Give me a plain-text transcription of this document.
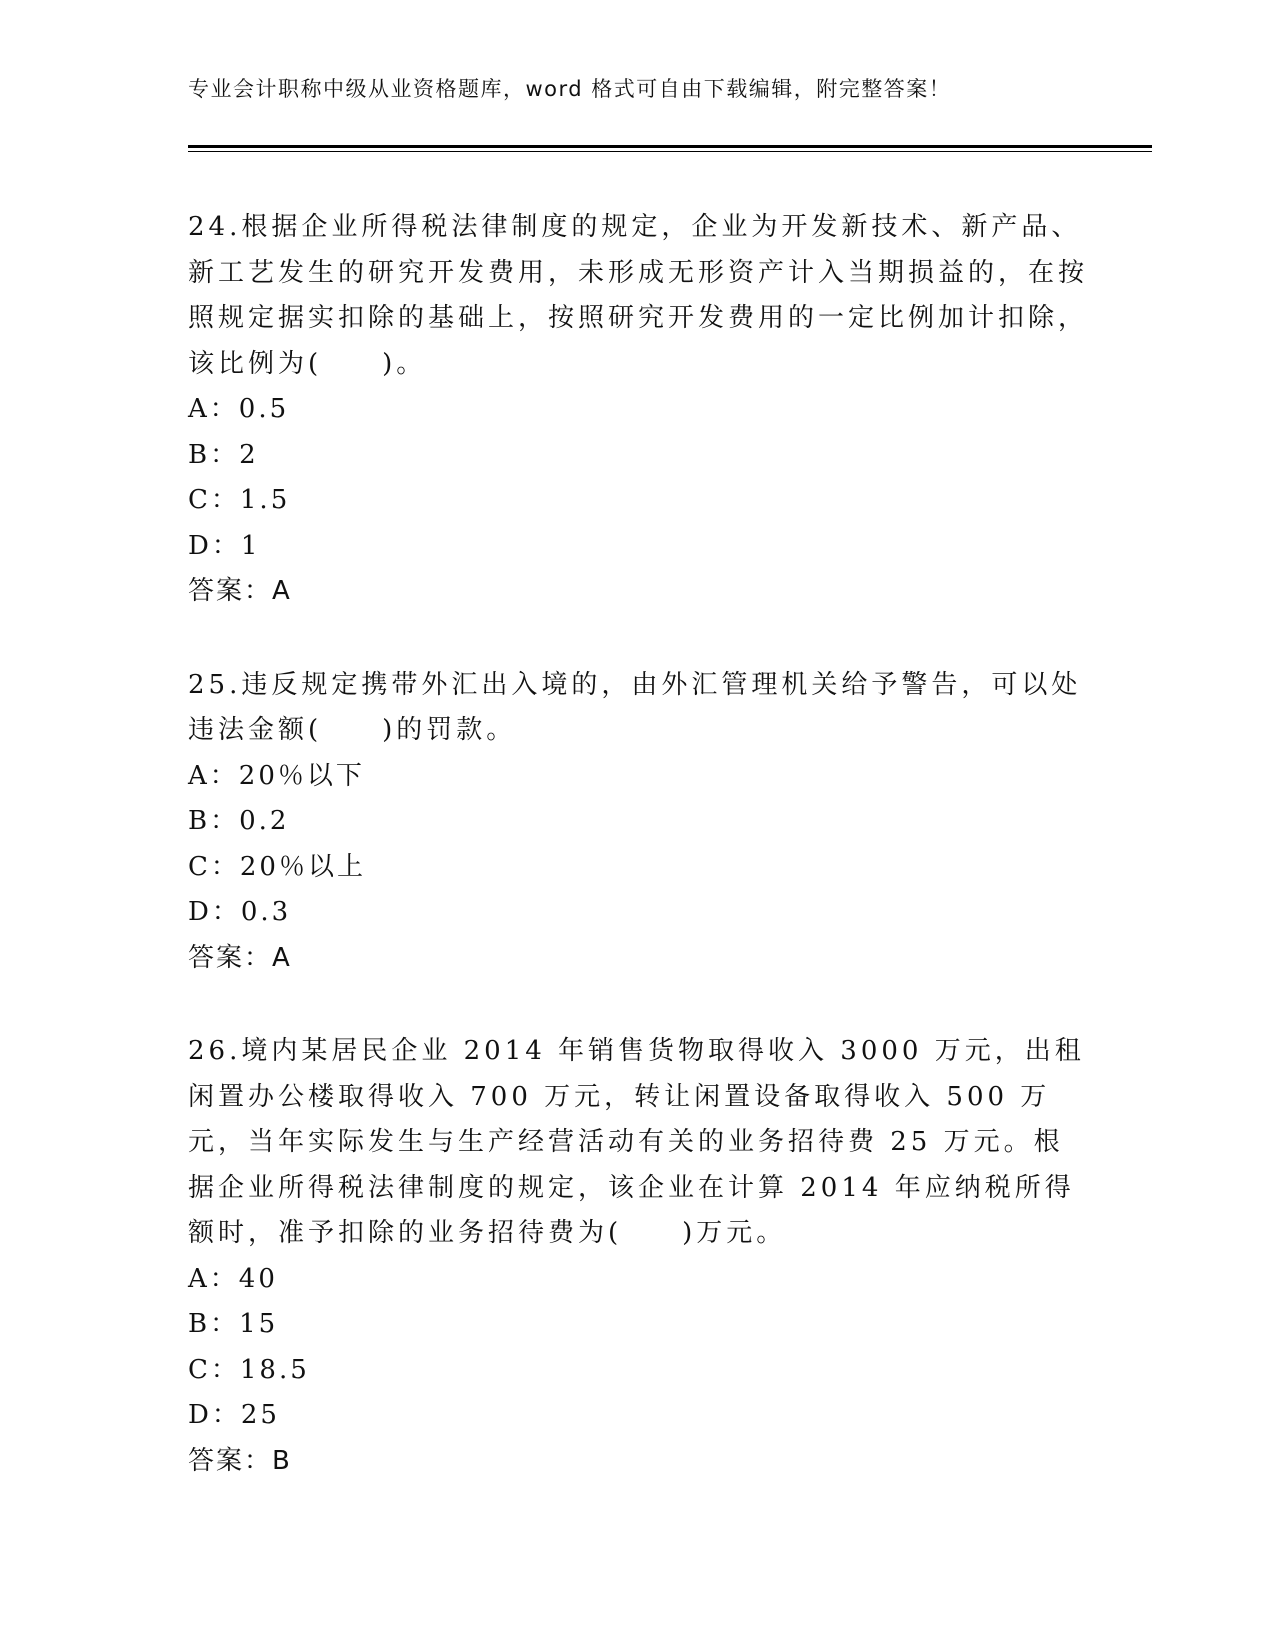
专业会计职称中级从业资格题库，word 格式可自由下载编辑，附完整答案！

24.根据企业所得税法律制度的规定，企业为开发新技术、新产品、新工艺发生的研究开发费用，未形成无形资产计入当期损益的，在按照规定据实扣除的基础上，按照研究开发费用的一定比例加计扣除，该比例为(　　)。

A：0.5
B：2
C：1.5
D：1
答案：A

25.违反规定携带外汇出入境的，由外汇管理机关给予警告，可以处违法金额(　　)的罚款。

A：20％以下
B：0.2
C：20％以上
D：0.3
答案：A

26.境内某居民企业 2014 年销售货物取得收入 3000 万元，出租闲置办公楼取得收入 700 万元，转让闲置设备取得收入 500 万元，当年实际发生与生产经营活动有关的业务招待费 25 万元。根据企业所得税法律制度的规定，该企业在计算 2014 年应纳税所得额时，准予扣除的业务招待费为(　　)万元。

A：40
B：15
C：18.5
D：25
答案：B
